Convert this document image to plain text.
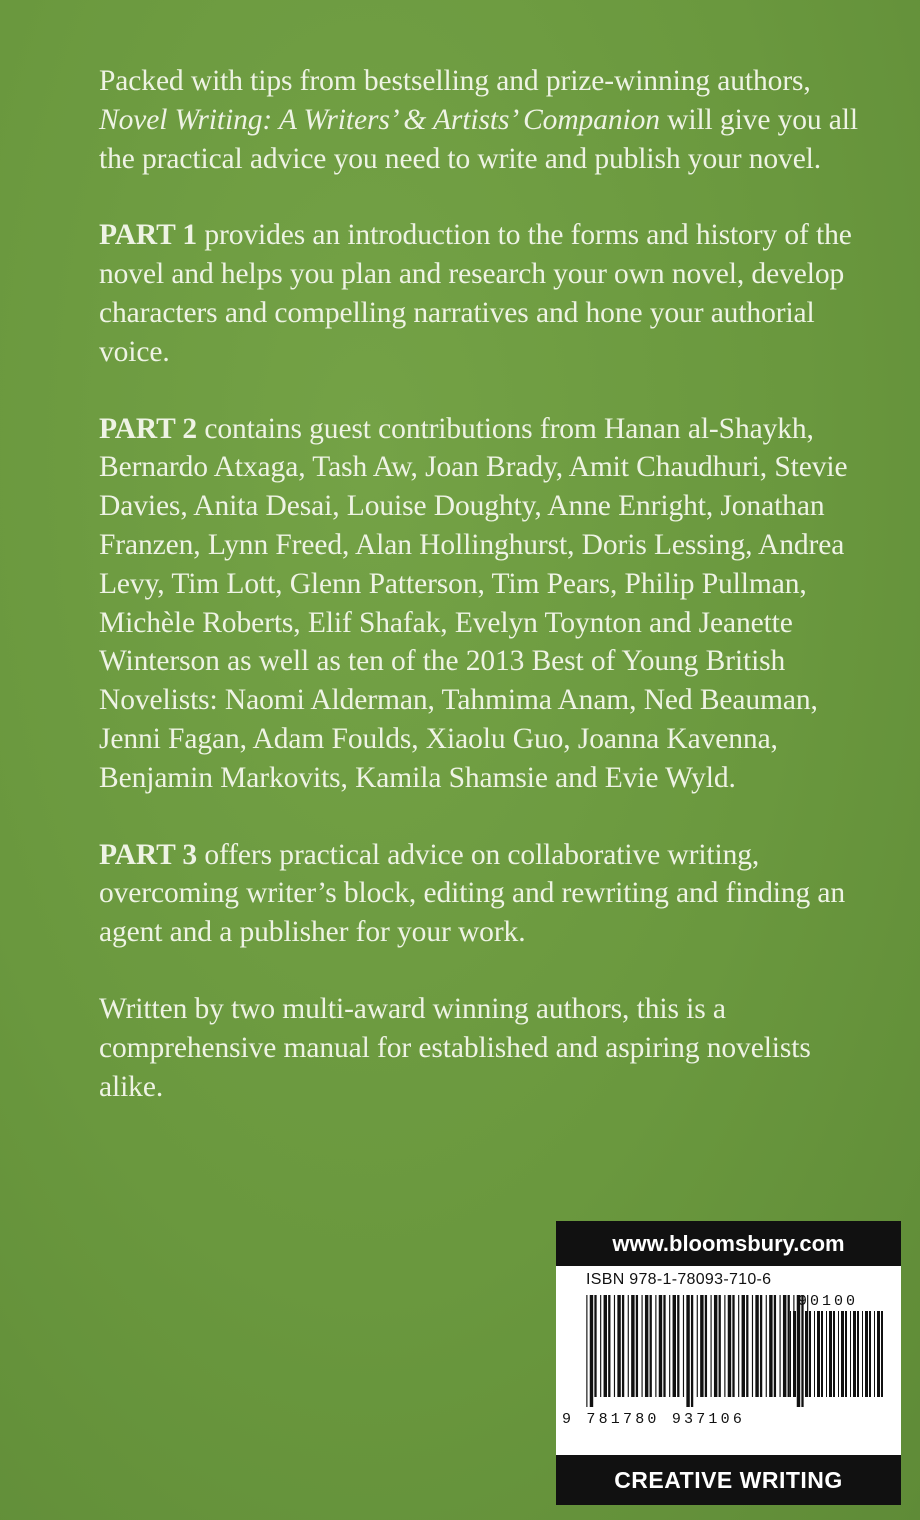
Packed with tips from bestselling and prize-winning authors, Novel Writing: A Writers’ & Artists’ Companion will give you all the practical advice you need to write and publish your novel.

PART 1 provides an introduction to the forms and history of the novel and helps you plan and research your own novel, develop characters and compelling narratives and hone your authorial voice.

PART 2 contains guest contributions from Hanan al-Shaykh, Bernardo Atxaga, Tash Aw, Joan Brady, Amit Chaudhuri, Stevie Davies, Anita Desai, Louise Doughty, Anne Enright, Jonathan Franzen, Lynn Freed, Alan Hollinghurst, Doris Lessing, Andrea Levy, Tim Lott, Glenn Patterson, Tim Pears, Philip Pullman, Michèle Roberts, Elif Shafak, Evelyn Toynton and Jeanette Winterson as well as ten of the 2013 Best of Young British Novelists: Naomi Alderman, Tahmima Anam, Ned Beauman, Jenni Fagan, Adam Foulds, Xiaolu Guo, Joanna Kavenna, Benjamin Markovits, Kamila Shamsie and Evie Wyld.

PART 3 offers practical advice on collaborative writing, overcoming writer’s block, editing and rewriting and finding an agent and a publisher for your work.

Written by two multi-award winning authors, this is a comprehensive manual for established and aspiring novelists alike.

www.bloomsbury.com
ISBN 978-1-78093-710-6
90100
9 781780 937106
CREATIVE WRITING
